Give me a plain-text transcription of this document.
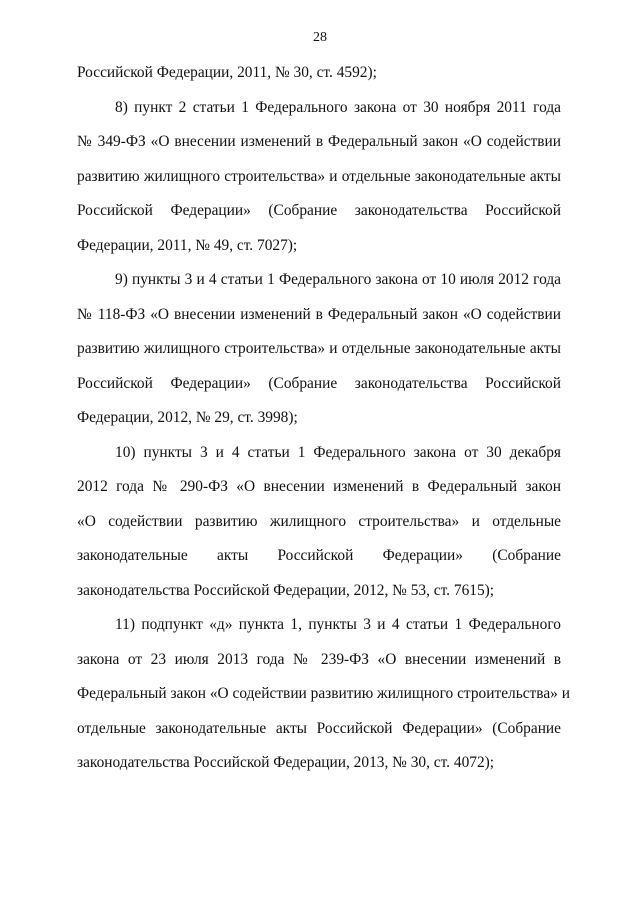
28
Российской Федерации, 2011, № 30, ст. 4592);
8) пункт 2 статьи 1 Федерального закона от 30 ноября 2011 года
№ 349-ФЗ «О внесении изменений в Федеральный закон «О содействии
развитию жилищного строительства» и отдельные законодательные акты
Российской Федерации» (Собрание законодательства Российской
Федерации, 2011, № 49, ст. 7027);
9) пункты 3 и 4 статьи 1 Федерального закона от 10 июля 2012 года
№ 118-ФЗ «О внесении изменений в Федеральный закон «О содействии
развитию жилищного строительства» и отдельные законодательные акты
Российской Федерации» (Собрание законодательства Российской
Федерации, 2012, № 29, ст. 3998);
10) пункты 3 и 4 статьи 1 Федерального закона от 30 декабря
2012 года № 290-ФЗ «О внесении изменений в Федеральный закон
«О содействии развитию жилищного строительства» и отдельные
законодательные акты Российской Федерации» (Собрание
законодательства Российской Федерации, 2012, № 53, ст. 7615);
11) подпункт «д» пункта 1, пункты 3 и 4 статьи 1 Федерального
закона от 23 июля 2013 года № 239-ФЗ «О внесении изменений в
Федеральный закон «О содействии развитию жилищного строительства» и
отдельные законодательные акты Российской Федерации» (Собрание
законодательства Российской Федерации, 2013, № 30, ст. 4072);
